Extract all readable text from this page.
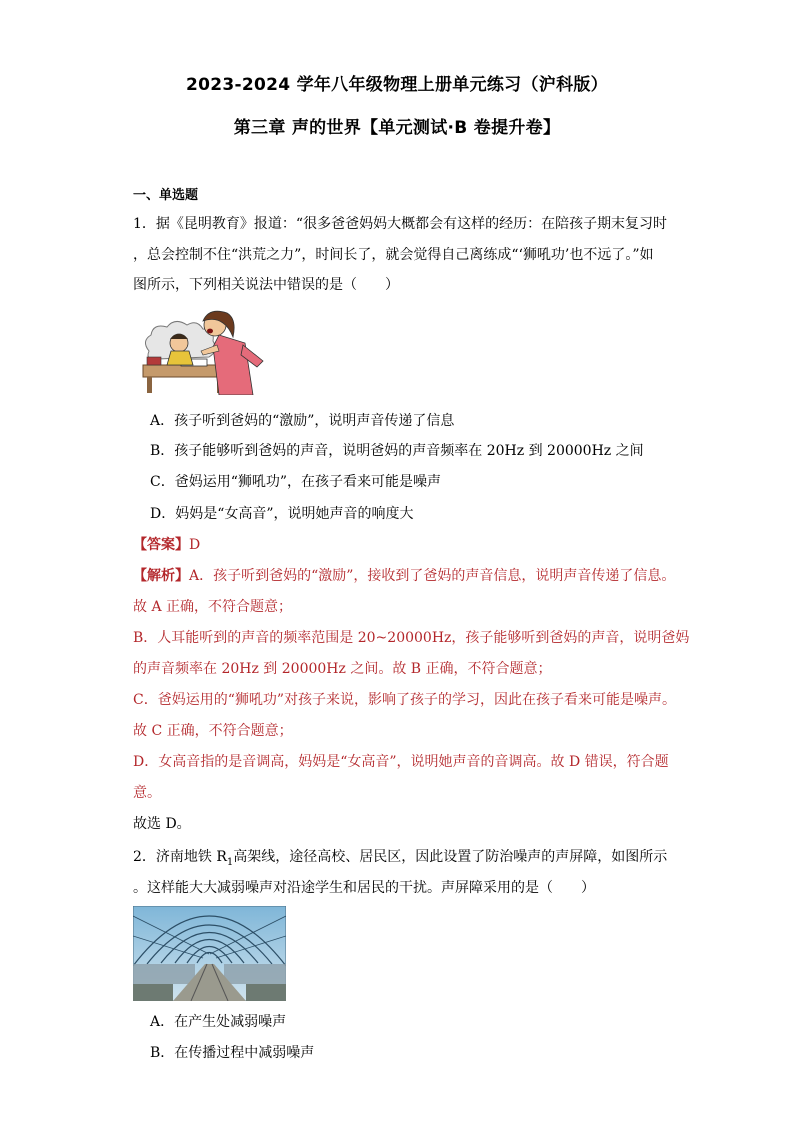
2023-2024 学年八年级物理上册单元练习（沪科版）
第三章 声的世界【单元测试·B 卷提升卷】
一、单选题
1．据《昆明教育》报道：“很多爸爸妈妈大概都会有这样的经历：在陪孩子期末复习时
，总会控制不住“洪荒之力”，时间长了，就会觉得自己离练成“‘狮吼功’也不远了。”如
图所示，下列相关说法中错误的是（　　）
A．孩子听到爸妈的“激励”，说明声音传递了信息
B．孩子能够听到爸妈的声音，说明爸妈的声音频率在 20Hz 到 20000Hz 之间
C．爸妈运用“狮吼功”，在孩子看来可能是噪声
D．妈妈是“女高音”，说明她声音的响度大
【答案】D
【解析】A．孩子听到爸妈的“激励”，接收到了爸妈的声音信息，说明声音传递了信息。
故 A 正确，不符合题意；
B．人耳能听到的声音的频率范围是 20~20000Hz，孩子能够听到爸妈的声音，说明爸妈
的声音频率在 20Hz 到 20000Hz 之间。故 B 正确，不符合题意；
C．爸妈运用的“狮吼功”对孩子来说，影响了孩子的学习，因此在孩子看来可能是噪声。
故 C 正确，不符合题意；
D．女高音指的是音调高，妈妈是“女高音”，说明她声音的音调高。故 D 错误，符合题
意。
故选 D。
2．济南地铁 $R_1$高架线，途径高校、居民区，因此设置了防治噪声的声屏障，如图所示
。这样能大大减弱噪声对沿途学生和居民的干扰。声屏障采用的是（　　）
A．在产生处减弱噪声
B．在传播过程中减弱噪声
